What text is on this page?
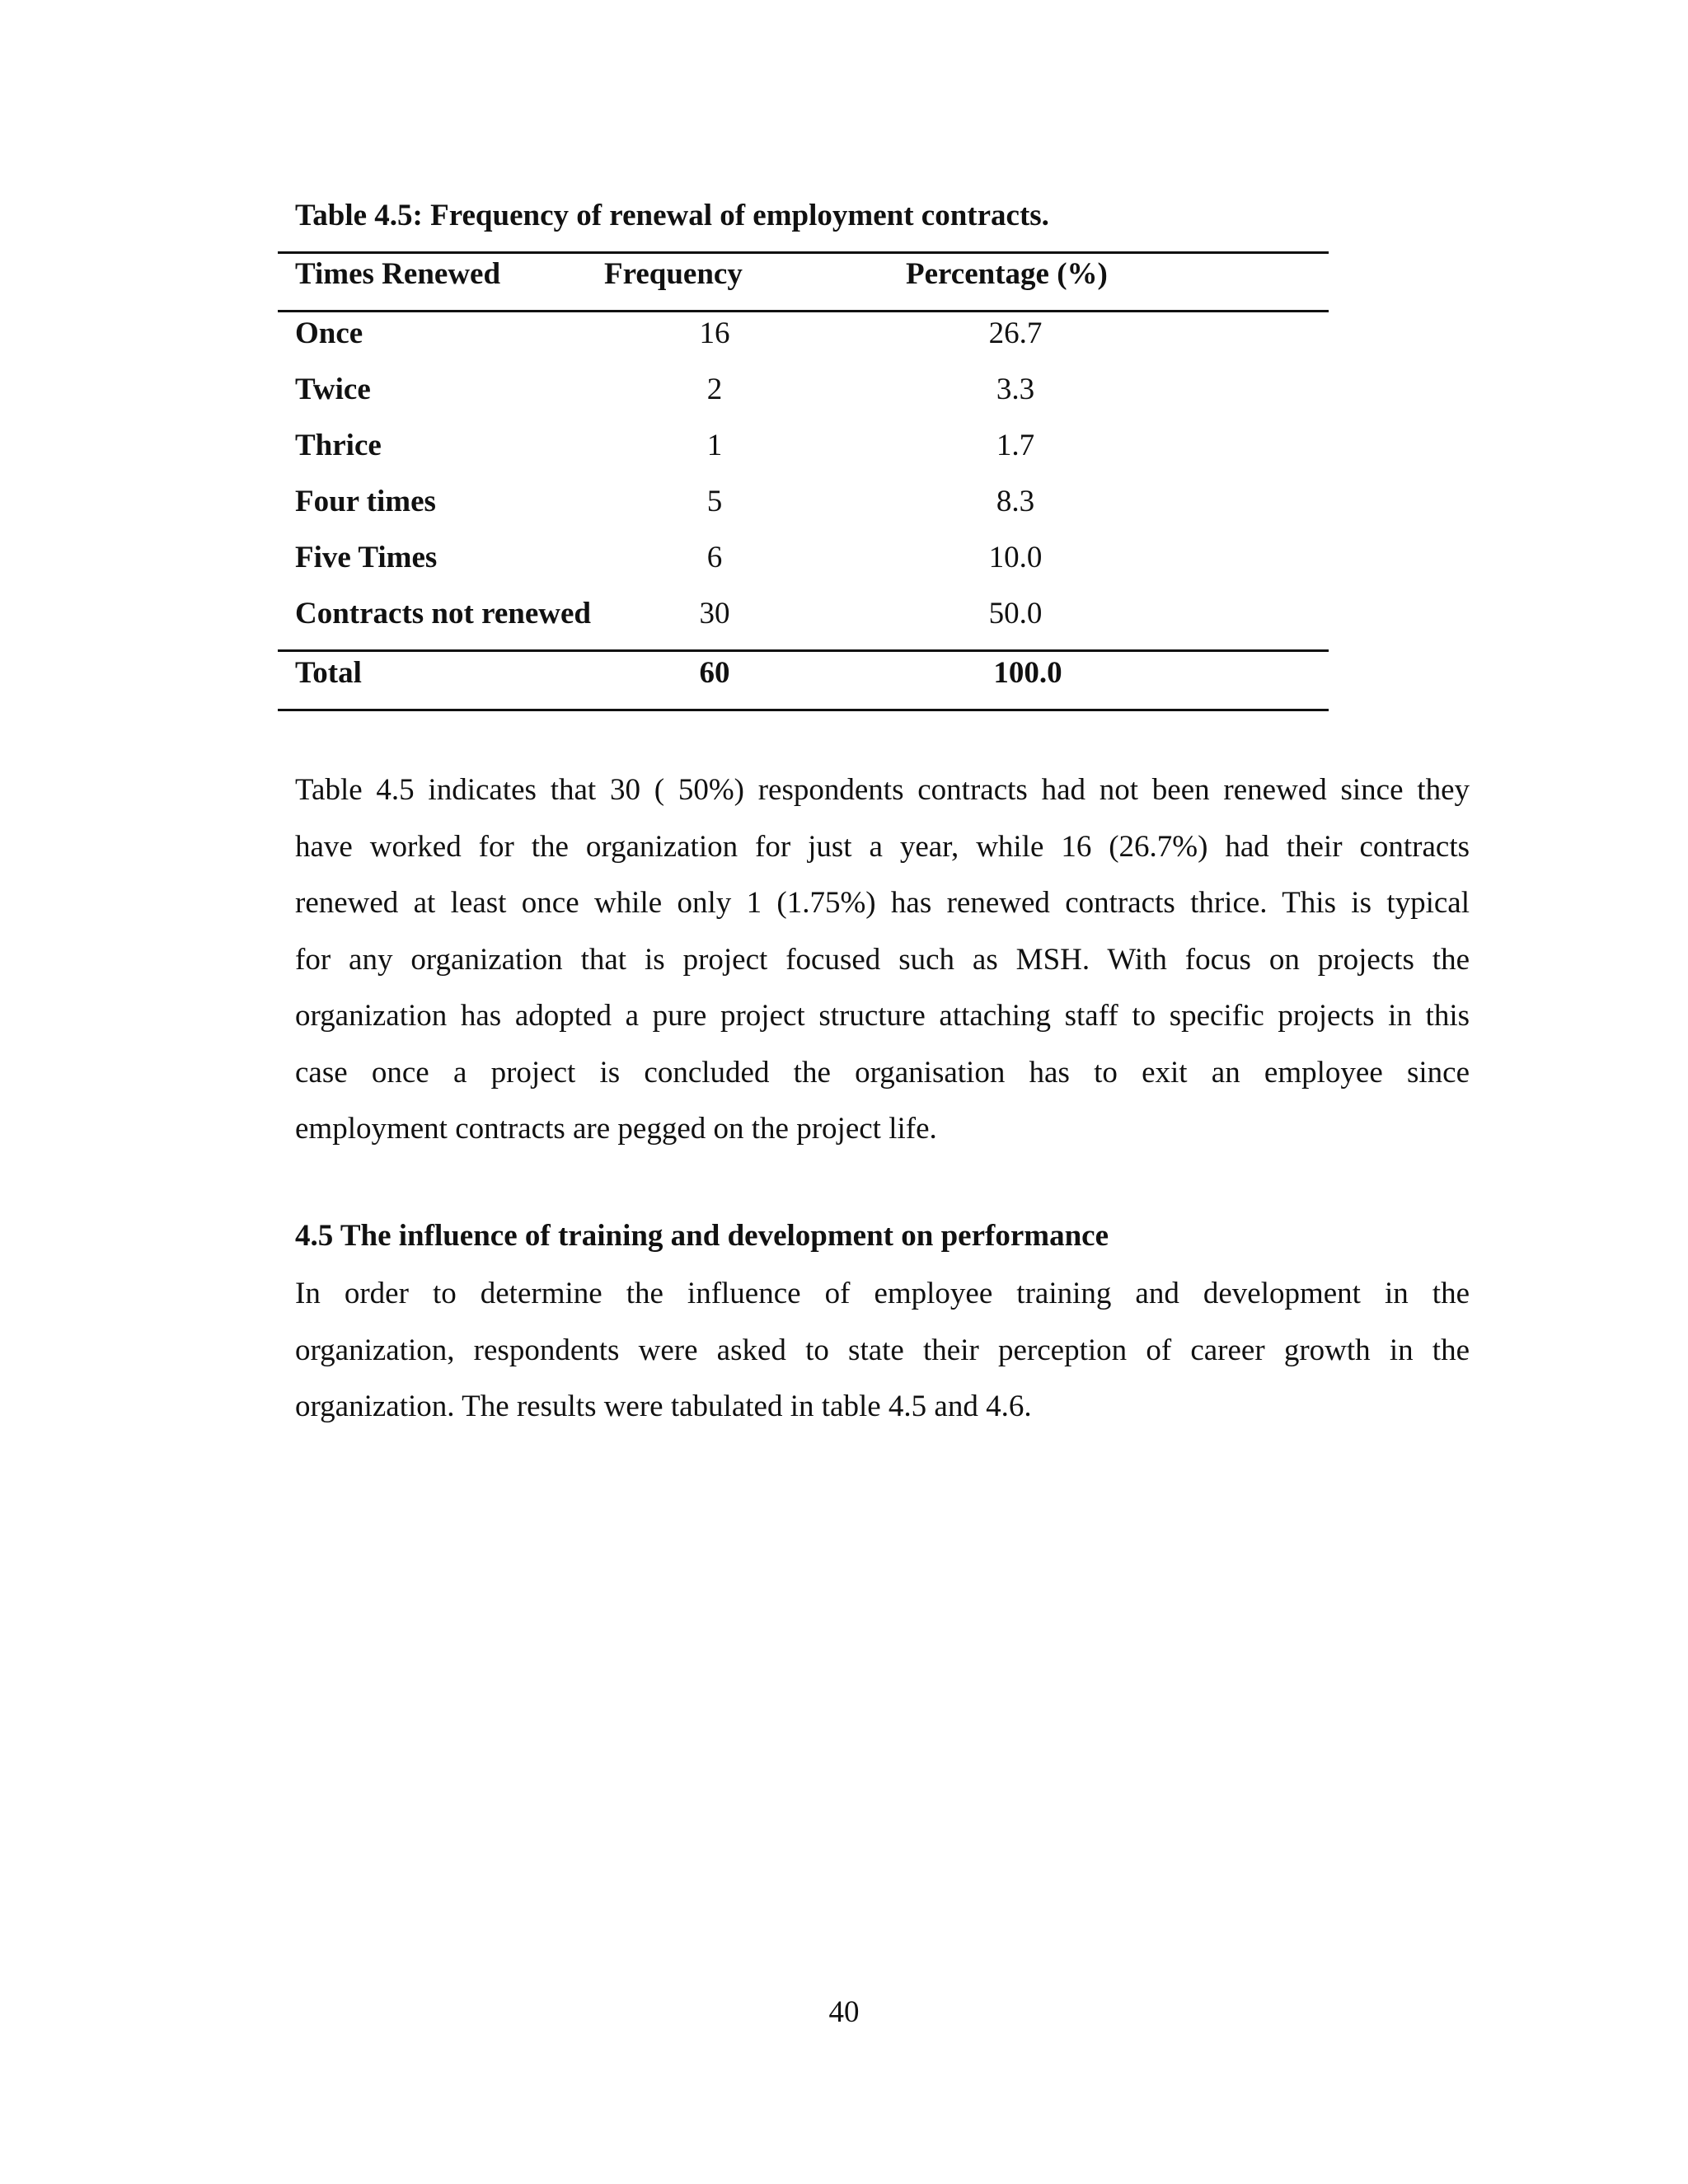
Table 4.5: Frequency of renewal of employment contracts.
Times Renewed	Frequency	Percentage (%)
Once	16	26.7
Twice	2	3.3
Thrice	1	1.7
Four times	5	8.3
Five Times	6	10.0
Contracts not renewed	30	50.0
Total	60	100.0
Table 4.5 indicates that 30 ( 50%) respondents contracts had not been renewed since they
have worked for the organization for just a year, while 16 (26.7%) had their contracts
renewed at least once while only 1 (1.75%) has renewed contracts thrice. This is typical
for any organization that is project focused such as MSH. With focus on projects the
organization has adopted a pure project structure attaching staff to specific projects in this
case once a project is concluded the organisation has to exit an employee since
employment contracts are pegged on the project life.
4.5 The influence of training and development on performance
In order to determine the influence of employee training and development in the
organization, respondents were asked to state their perception of career growth in the
organization. The results were tabulated in table 4.5 and 4.6.
40
